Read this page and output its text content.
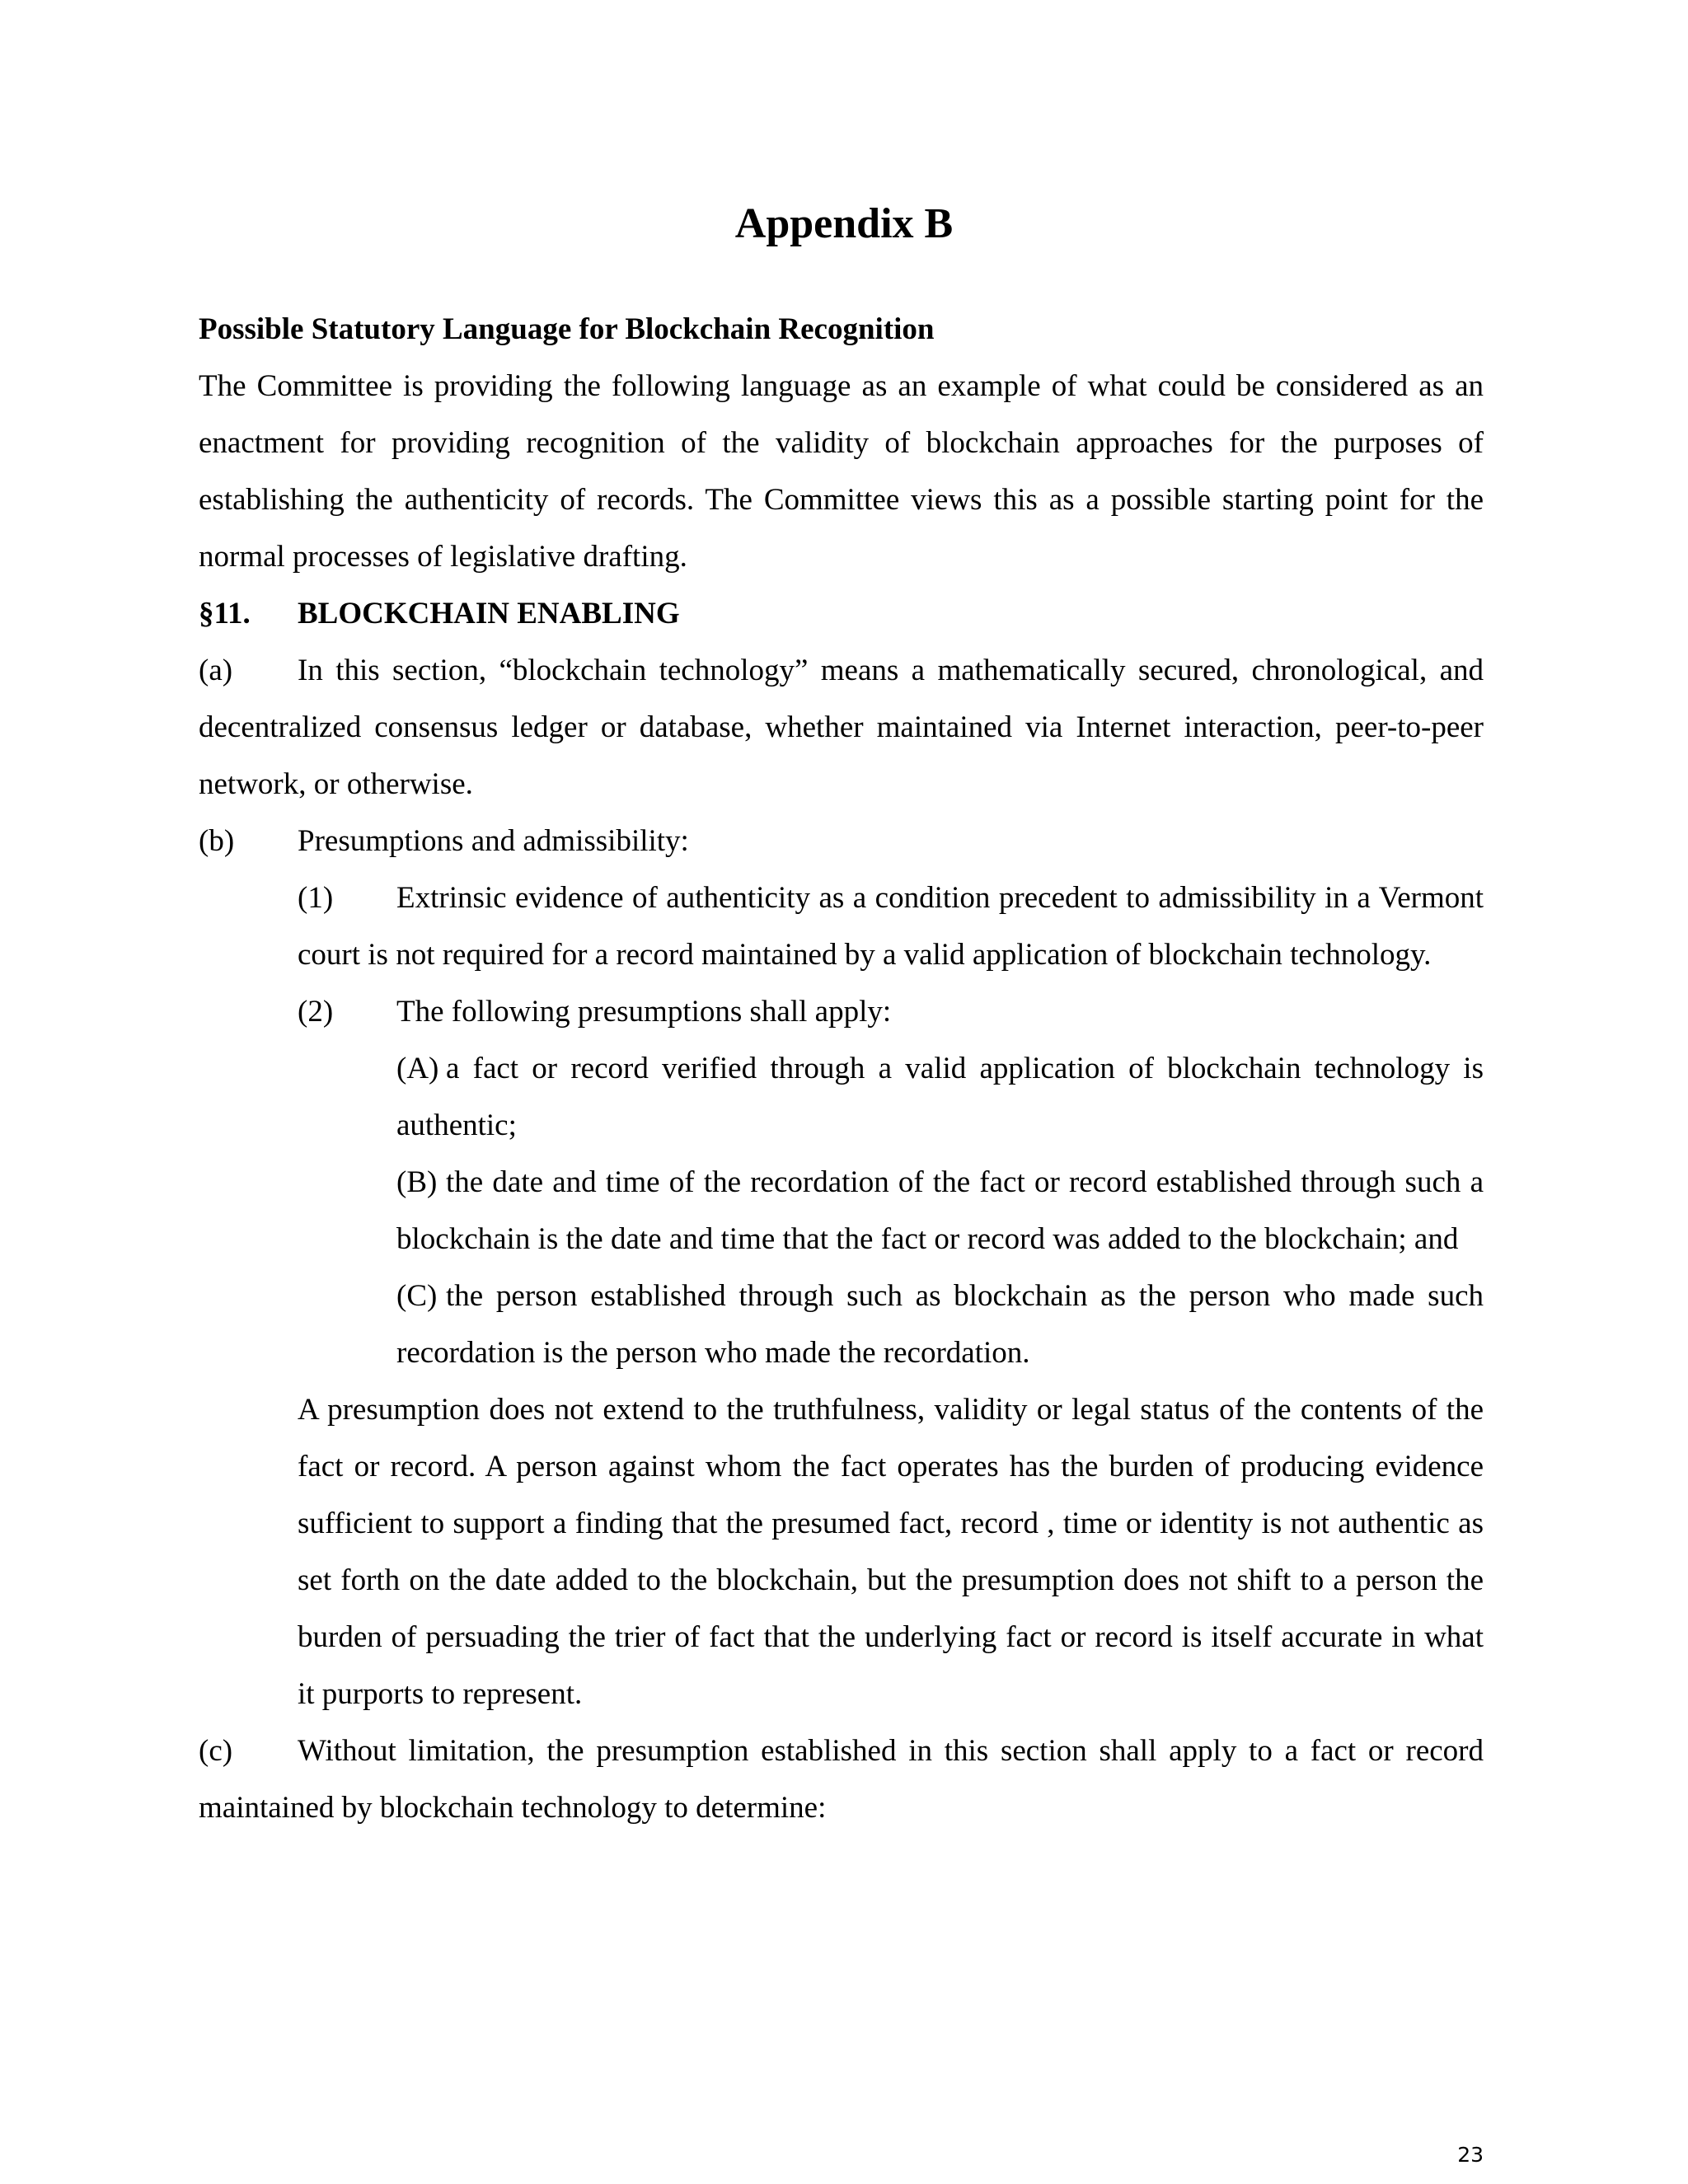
Appendix B

Possible Statutory Language for Blockchain Recognition

The Committee is providing the following language as an example of what could be considered as an enactment for providing recognition of the validity of blockchain approaches for the purposes of establishing the authenticity of records. The Committee views this as a possible starting point for the normal processes of legislative drafting.

§11. BLOCKCHAIN ENABLING

(a) In this section, “blockchain technology” means a mathematically secured, chronological, and decentralized consensus ledger or database, whether maintained via Internet interaction, peer-to-peer network, or otherwise.

(b) Presumptions and admissibility:

(1) Extrinsic evidence of authenticity as a condition precedent to admissibility in a Vermont court is not required for a record maintained by a valid application of blockchain technology.

(2) The following presumptions shall apply:

(A) a fact or record verified through a valid application of blockchain technology is authentic;

(B) the date and time of the recordation of the fact or record established through such a blockchain is the date and time that the fact or record was added to the blockchain; and

(C) the person established through such as blockchain as the person who made such recordation is the person who made the recordation.

A presumption does not extend to the truthfulness, validity or legal status of the contents of the fact or record. A person against whom the fact operates has the burden of producing evidence sufficient to support a finding that the presumed fact, record , time or identity is not authentic as set forth on the date added to the blockchain, but the presumption does not shift to a person the burden of persuading the trier of fact that the underlying fact or record is itself accurate in what it purports to represent.

(c) Without limitation, the presumption established in this section shall apply to a fact or record maintained by blockchain technology to determine:

23
